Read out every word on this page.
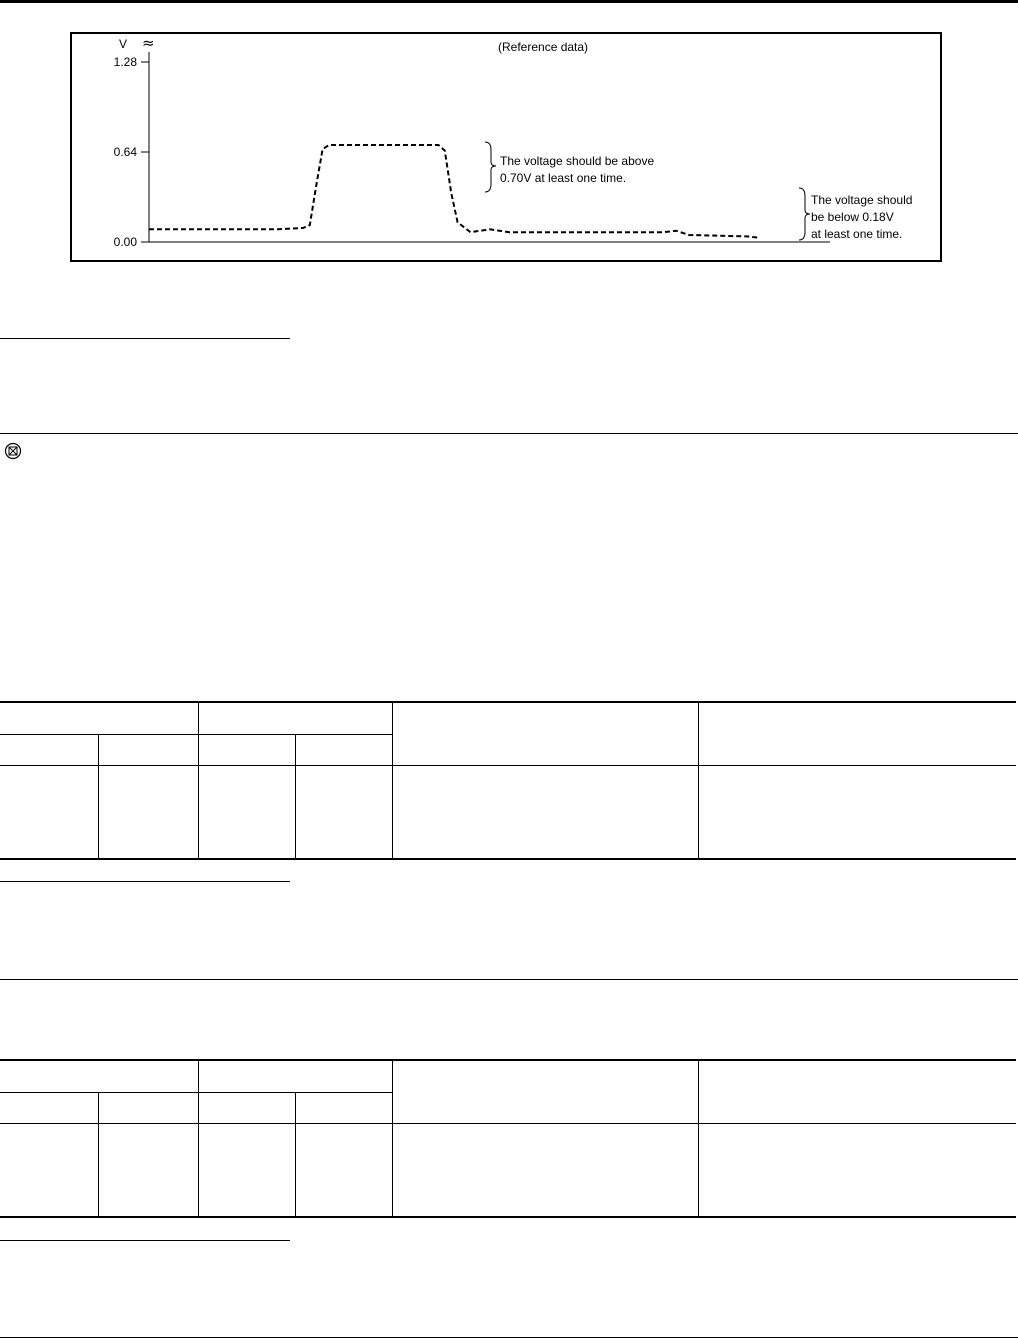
V ≈	(Reference data)
0.00
0.64
1.28
The voltage should be above 0.70V at least one time.
The voltage should be below 0.18V at least one time.
